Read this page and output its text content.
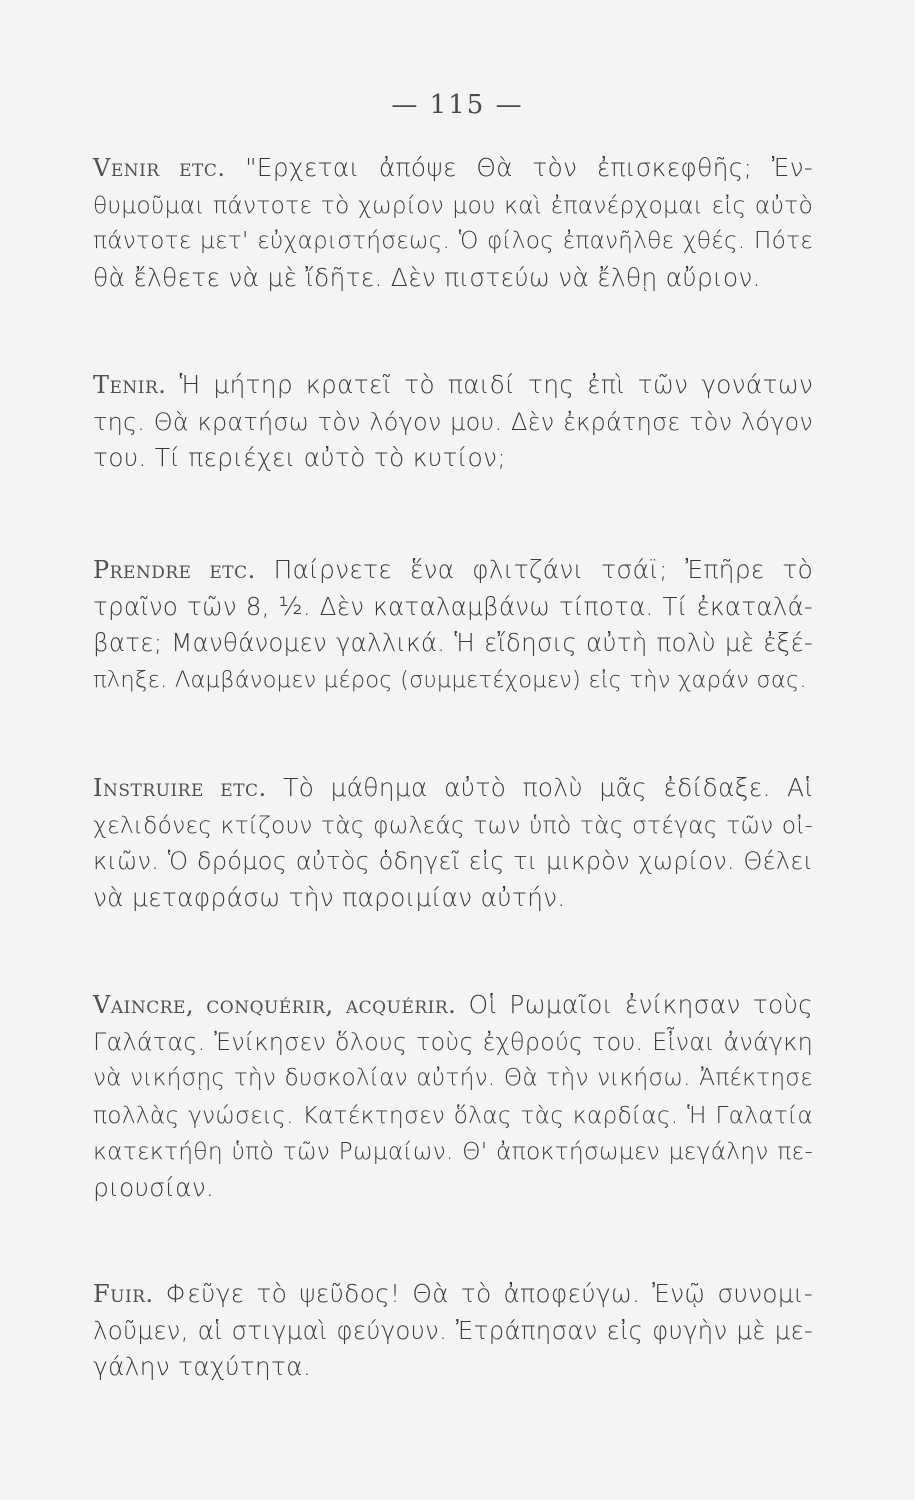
— 115 —
Venir etc. "Ερχεται ἀπόψε Θὰ τὸν ἐπισκεφθῆς; Ἐν-
θυμοῦμαι πάντοτε τὸ χωρίον μου καὶ ἐπανέρχομαι εἰς αὐτὸ
πάντοτε μετ' εὐχαριστήσεως. Ὁ φίλος ἐπανῆλθε χθές. Πότε
θὰ ἔλθετε νὰ μὲ ἴδῆτε. Δὲν πιστεύω νὰ ἔλθῃ αὔριον.
Tenir. Ἡ μήτηρ κρατεῖ τὸ παιδί της ἐπὶ τῶν γονάτων
της. Θὰ κρατήσω τὸν λόγον μου. Δὲν ἐκράτησε τὸν λόγον
του. Τί περιέχει αὐτὸ τὸ κυτίον;
Prendre etc. Παίρνετε ἕνα φλιτζάνι τσάϊ; Ἐπῆρε τὸ
τραῖνο τῶν 8, ½. Δὲν καταλαμβάνω τίποτα. Τί ἐκαταλά-
βατε; Μανθάνομεν γαλλικά. Ἡ εἴδησις αὐτὴ πολὺ μὲ ἐξέ-
πληξε. Λαμβάνομεν μέρος (συμμετέχομεν) εἰς τὴν χαράν σας.
Instruire etc. Τὸ μάθημα αὐτὸ πολὺ μᾶς ἐδίδαξε. Αἱ
χελιδόνες κτίζουν τὰς φωλεάς των ὑπὸ τὰς στέγας τῶν οἰ-
κιῶν. Ὁ δρόμος αὐτὸς ὁδηγεῖ εἰς τι μικρὸν χωρίον. Θέλει
νὰ μεταφράσω τὴν παροιμίαν αὐτήν.
Vaincre, conquérir, acquérir. Οἱ Ρωμαῖοι ἐνίκησαν τοὺς
Γαλάτας. Ἐνίκησεν ὅλους τοὺς ἐχθρούς του. Εἶναι ἀνάγκη
νὰ νικήσῃς τὴν δυσκολίαν αὐτήν. Θὰ τὴν νικήσω. Ἀπέκτησε
πολλὰς γνώσεις. Κατέκτησεν ὅλας τὰς καρδίας. Ἡ Γαλατία
κατεκτήθη ὑπὸ τῶν Ρωμαίων. Θ' ἀποκτήσωμεν μεγάλην πε-
ριουσίαν.
Fuir. Φεῦγε τὸ ψεῦδος! Θὰ τὸ ἀποφεύγω. Ἐνῷ συνομι-
λοῦμεν, αἱ στιγμαὶ φεύγουν. Ἐτράπησαν εἰς φυγὴν μὲ με-
γάλην ταχύτητα.
